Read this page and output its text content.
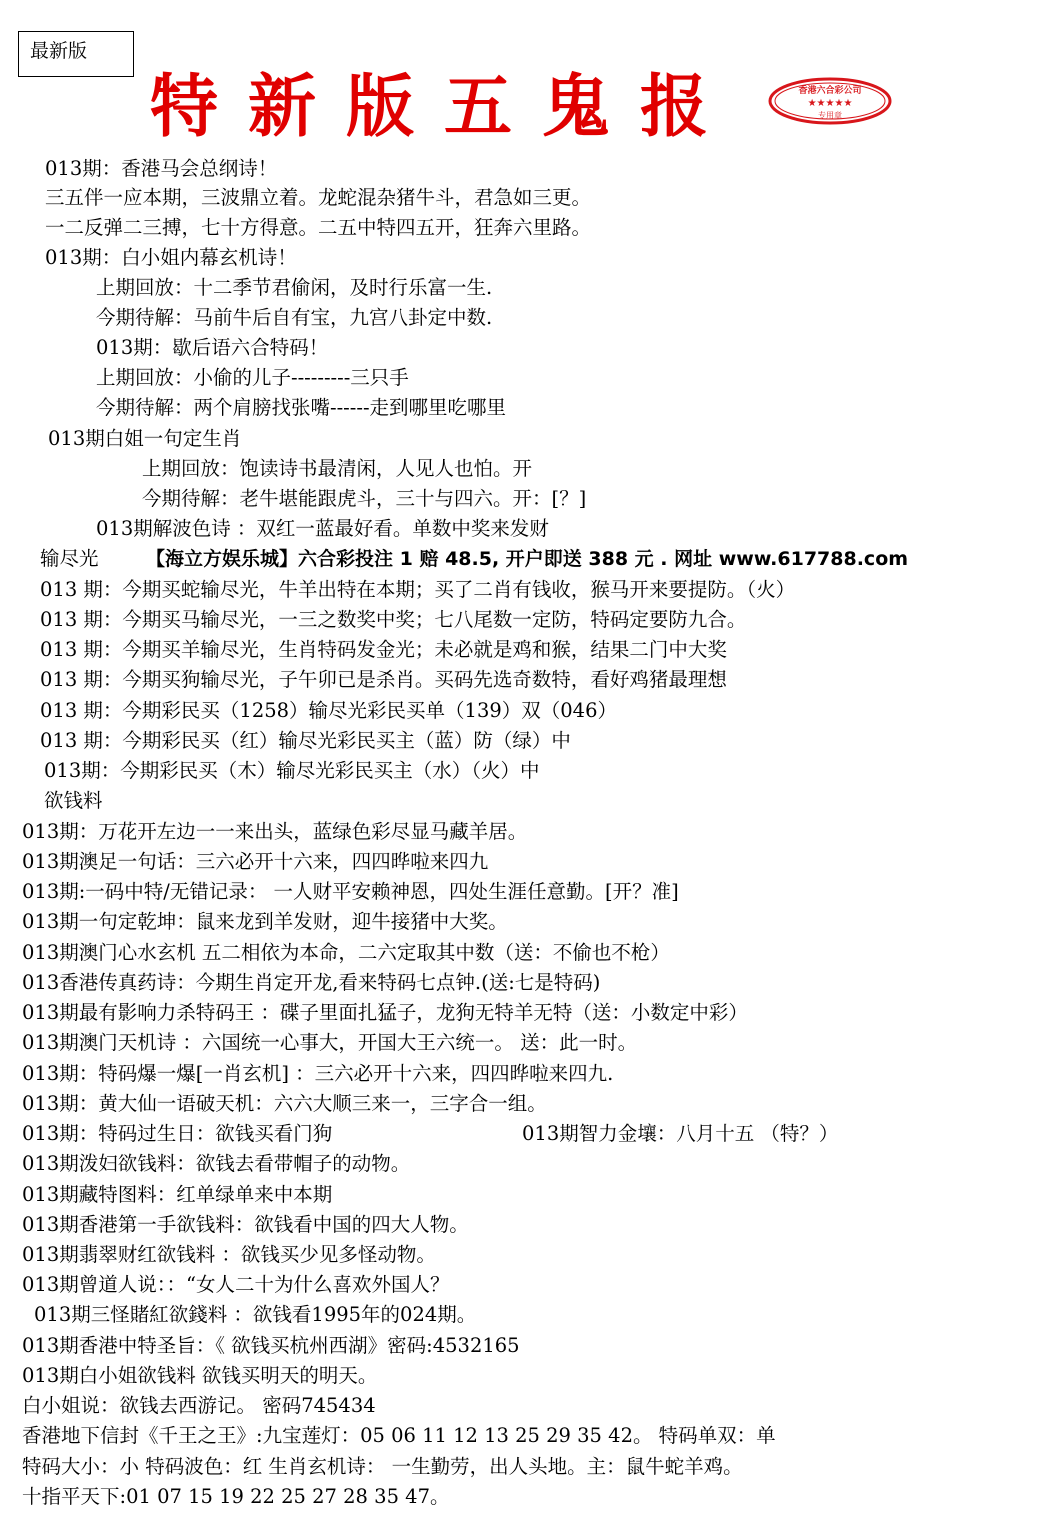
最新版
特新版五鬼报	香港六合彩公司
★★★★★
专用章
013期：香港马会总纲诗！
三五伴一应本期，三波鼎立着。龙蛇混杂猪牛斗，君急如三更。
一二反弹二三搏，七十方得意。二五中特四五开，狂奔六里路。
013期：白小姐内幕玄机诗！
上期回放：十二季节君偷闲，及时行乐富一生.
今期待解：马前牛后自有宝，九宫八卦定中数.
013期：歇后语六合特码！
上期回放：小偷的儿子---------三只手
今期待解：两个肩膀找张嘴------走到哪里吃哪里
013期白姐一句定生肖
上期回放：饱读诗书最清闲，人见人也怕。开
今期待解：老牛堪能跟虎斗，三十与四六。开：[？]
013期解波色诗 ：双红一蓝最好看。单数中奖来发财
输尽光 【海立方娱乐城】六合彩投注 1 赔 48.5, 开户即送 388 元 . 网址 www.617788.com
013 期：今期买蛇输尽光，牛羊出特在本期；买了二肖有钱收，猴马开来要提防。（火）
013 期：今期买马输尽光，一三之数奖中奖；七八尾数一定防，特码定要防九合。
013 期：今期买羊输尽光，生肖特码发金光；未必就是鸡和猴，结果二门中大奖
013 期：今期买狗输尽光，子午卯已是杀肖。买码先选奇数特，看好鸡猪最理想
013 期：今期彩民买（1258）输尽光彩民买单（139）双（046）
013 期：今期彩民买（红）输尽光彩民买主（蓝）防（绿）中
013期：今期彩民买（木）输尽光彩民买主（水）（火）中
欲钱料
013期：万花开左边一一来出头，蓝绿色彩尽显马藏羊居。
013期澳足一句话：三六必开十六来，四四晔啦来四九
013期:一码中特/无错记录： 一人财平安赖神恩，四处生涯任意勤。[开？准]
013期一句定乾坤：鼠来龙到羊发财，迎牛接猪中大奖。
013期澳门心水玄机 五二相依为本命，二六定取其中数（送：不偷也不枪）
013香港传真药诗：今期生肖定开龙,看来特码七点钟.(送:七是特码)
013期最有影响力杀特码王 ：碟子里面扎猛子，龙狗无特羊无特（送：小数定中彩）
013期澳门天机诗 ：六国统一心事大，开国大王六统一。 送：此一时。
013期：特码爆一爆[一肖玄机] ：三六必开十六来，四四晔啦来四九.
013期：黄大仙一语破天机：六六大顺三来一，三字合一组。
013期：特码过生日：欲钱买看门狗	013期智力金壤：八月十五 （特？）
013期泼妇欲钱料：欲钱去看带帽子的动物。
013期藏特图料：红单绿单来中本期
013期香港第一手欲钱料：欲钱看中国的四大人物。
013期翡翠财红欲钱料 ：欲钱买少见多怪动物。
013期曾道人说：：“女人二十为什么喜欢外国人？
013期三怪賭紅欲錢料 ：欲钱看1995年的024期。
013期香港中特圣旨：《 欲钱买杭州西湖》密码:4532165
013期白小姐欲钱料 欲钱买明天的明天。
白小姐说：欲钱去西游记。 密码745434
香港地下信封《千王之王》:九宝莲灯：05 06 11 12 13 25 29 35 42。 特码单双：单
特码大小：小 特码波色：红 生肖玄机诗： 一生勤劳，出人头地。主：鼠牛蛇羊鸡。
十指平天下:01 07 15 19 22 25 27 28 35 47。
